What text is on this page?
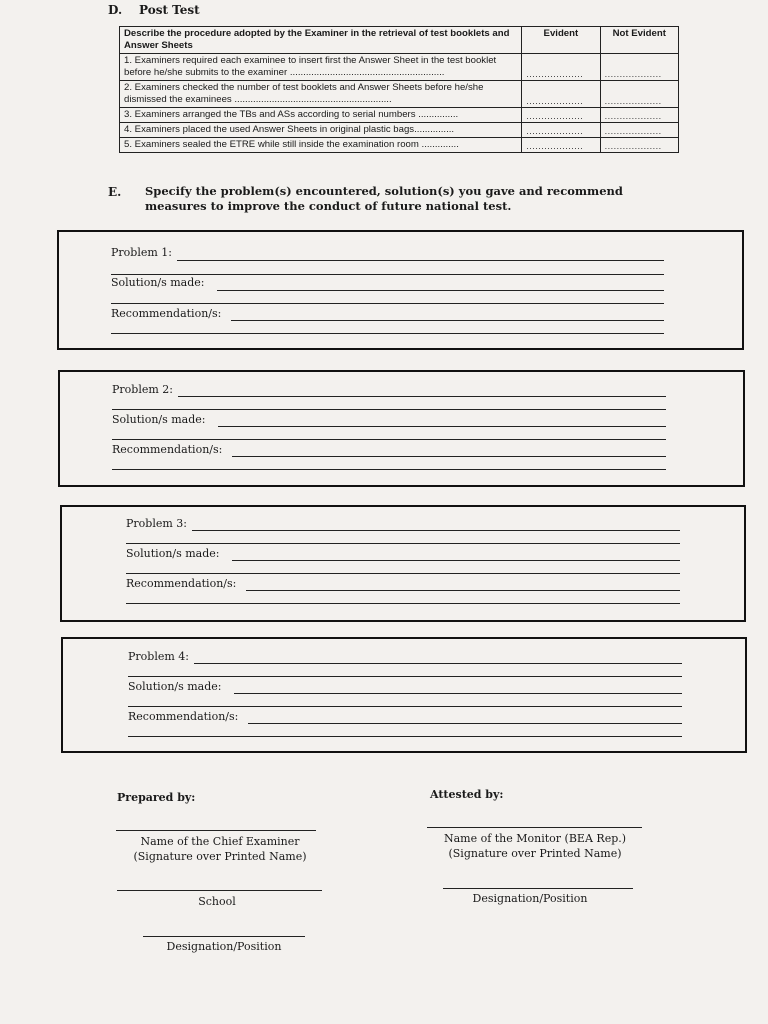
D. Post Test
Describe the procedure adopted by the Examiner in the retrieval of test booklets and Answer Sheets	Evident	Not Evident
1. Examiners required each examinee to insert first the Answer Sheet in the test booklet before he/she submits to the examiner ..........................................................	...................	...................
2. Examiners checked the number of test booklets and Answer Sheets before he/she dismissed the examinees ...........................................................	...................	...................
3. Examiners arranged the TBs and ASs according to serial numbers ...............	...................	...................
4. Examiners placed the used Answer Sheets in original plastic bags...............	...................	...................
5. Examiners sealed the ETRE while still inside the examination room ..............	...................	...................
E. Specify the problem(s) encountered, solution(s) you gave and recommend measures to improve the conduct of future national test.
Problem 1:
Solution/s made:
Recommendation/s:
Problem 2:
Solution/s made:
Recommendation/s:
Problem 3:
Solution/s made:
Recommendation/s:
Problem 4:
Solution/s made:
Recommendation/s:
Prepared by:	Attested by:
Name of the Chief Examiner
(Signature over Printed Name)
Name of the Monitor (BEA Rep.)
(Signature over Printed Name)
School	Designation/Position
Designation/Position
